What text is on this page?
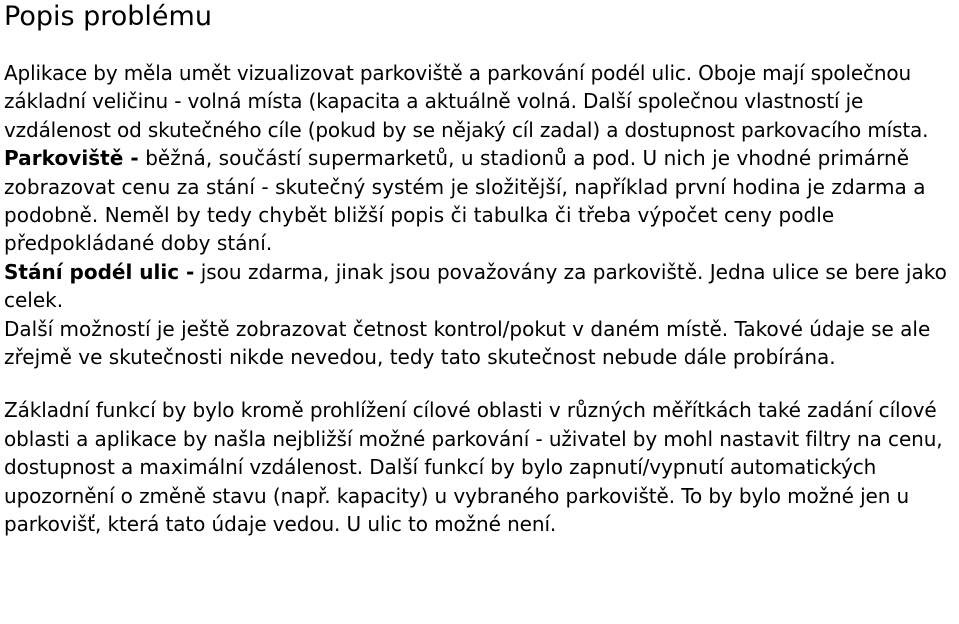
Popis problému

Aplikace by měla umět vizualizovat parkoviště a parkování podél ulic. Oboje mají společnou základní veličinu - volná místa (kapacita a aktuálně volná. Další společnou vlastností je vzdálenost od skutečného cíle (pokud by se nějaký cíl zadal) a dostupnost parkovacího místa.

Parkoviště - běžná, součástí supermarketů, u stadionů a pod. U nich je vhodné primárně zobrazovat cenu za stání - skutečný systém je složitější, například první hodina je zdarma a podobně. Neměl by tedy chybět bližší popis či tabulka či třeba výpočet ceny podle předpokládané doby stání.

Stání podél ulic - jsou zdarma, jinak jsou považovány za parkoviště. Jedna ulice se bere jako celek.

Další možností je ještě zobrazovat četnost kontrol/pokut v daném místě. Takové údaje se ale zřejmě ve skutečnosti nikde nevedou, tedy tato skutečnost nebude dále probírána.

Základní funkcí by bylo kromě prohlížení cílové oblasti v různých měřítkách také zadání cílové oblasti a aplikace by našla nejbližší možné parkování - uživatel by mohl nastavit filtry na cenu, dostupnost a maximální vzdálenost. Další funkcí by bylo zapnutí/vypnutí automatických upozornění o změně stavu (např. kapacity) u vybraného parkoviště. To by bylo možné jen u parkovišť, která tato údaje vedou. U ulic to možné není.
